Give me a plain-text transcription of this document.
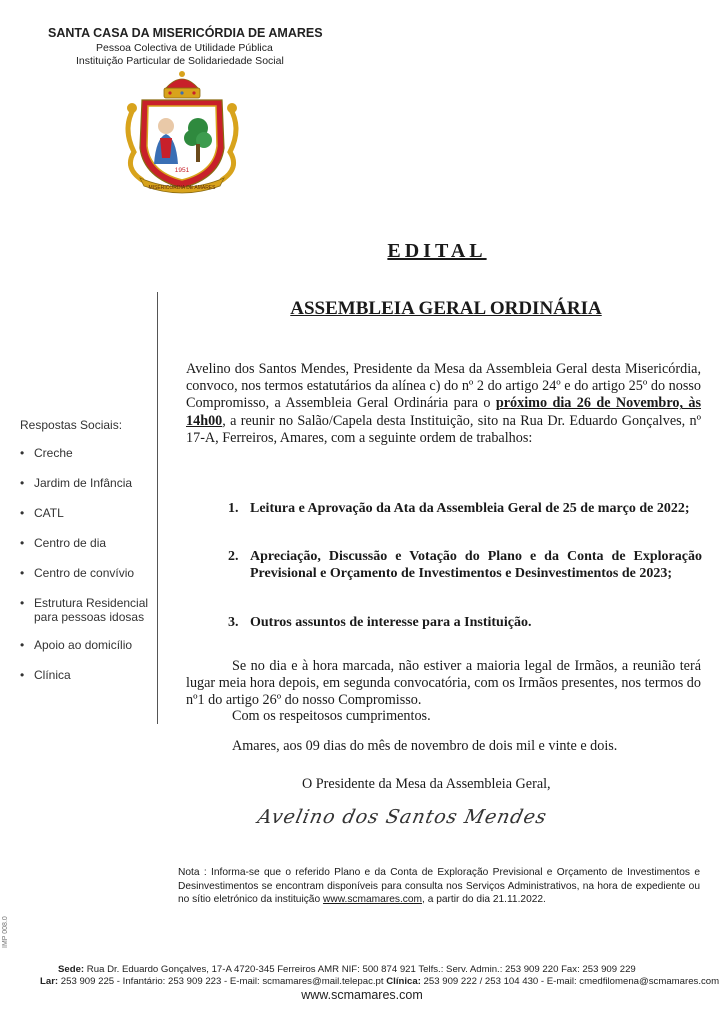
SANTA CASA DA MISERICÓRDIA DE AMARES
Pessoa Colectiva de Utilidade Pública
Instituição Particular de Solidariedade Social
1951
MISERICÓRDIA DE AMARES
EDITAL
ASSEMBLEIA GERAL ORDINÁRIA
Respostas Sociais:
• Creche
• Jardim de Infância
• CATL
• Centro de dia
• Centro de convívio
• Estrutura Residencial para pessoas idosas
• Apoio ao domicílio
• Clínica
Avelino dos Santos Mendes, Presidente da Mesa da Assembleia Geral desta Misericórdia, convoco, nos termos estatutários da alínea c) do nº 2 do artigo 24º e do artigo 25º do nosso Compromisso, a Assembleia Geral Ordinária para o próximo dia 26 de Novembro, às 14h00, a reunir no Salão/Capela desta Instituição, sito na Rua Dr. Eduardo Gonçalves, nº 17-A, Ferreiros, Amares, com a seguinte ordem de trabalhos:
1. Leitura e Aprovação da Ata da Assembleia Geral de 25 de março de 2022;
2. Apreciação, Discussão e Votação do Plano e da Conta de Exploração Previsional e Orçamento de Investimentos e Desinvestimentos de 2023;
3. Outros assuntos de interesse para a Instituição.
Se no dia e à hora marcada, não estiver a maioria legal de Irmãos, a reunião terá lugar meia hora depois, em segunda convocatória, com os Irmãos presentes, nos termos do nº1 do artigo 26º do nosso Compromisso.
Com os respeitosos cumprimentos.
Amares, aos 09 dias do mês de novembro de dois mil e vinte e dois.
O Presidente da Mesa da Assembleia Geral,
Avelino dos Santos Mendes
Nota : Informa-se que o referido Plano e da Conta de Exploração Previsional e Orçamento de Investimentos e Desinvestimentos se encontram disponíveis para consulta nos Serviços Administrativos, na hora de expediente ou no sítio eletrónico da instituição www.scmamares.com, a partir do dia 21.11.2022.
IMP 008.0
Sede: Rua Dr. Eduardo Gonçalves, 17-A 4720-345 Ferreiros AMR NIF: 500 874 921 Telfs.: Serv. Admin.: 253 909 220 Fax: 253 909 229
Lar: 253 909 225 - Infantário: 253 909 223 - E-mail: scmamares@mail.telepac.pt Clínica: 253 909 222 / 253 104 430 - E-mail: cmedfilomena@scmamares.com
www.scmamares.com
